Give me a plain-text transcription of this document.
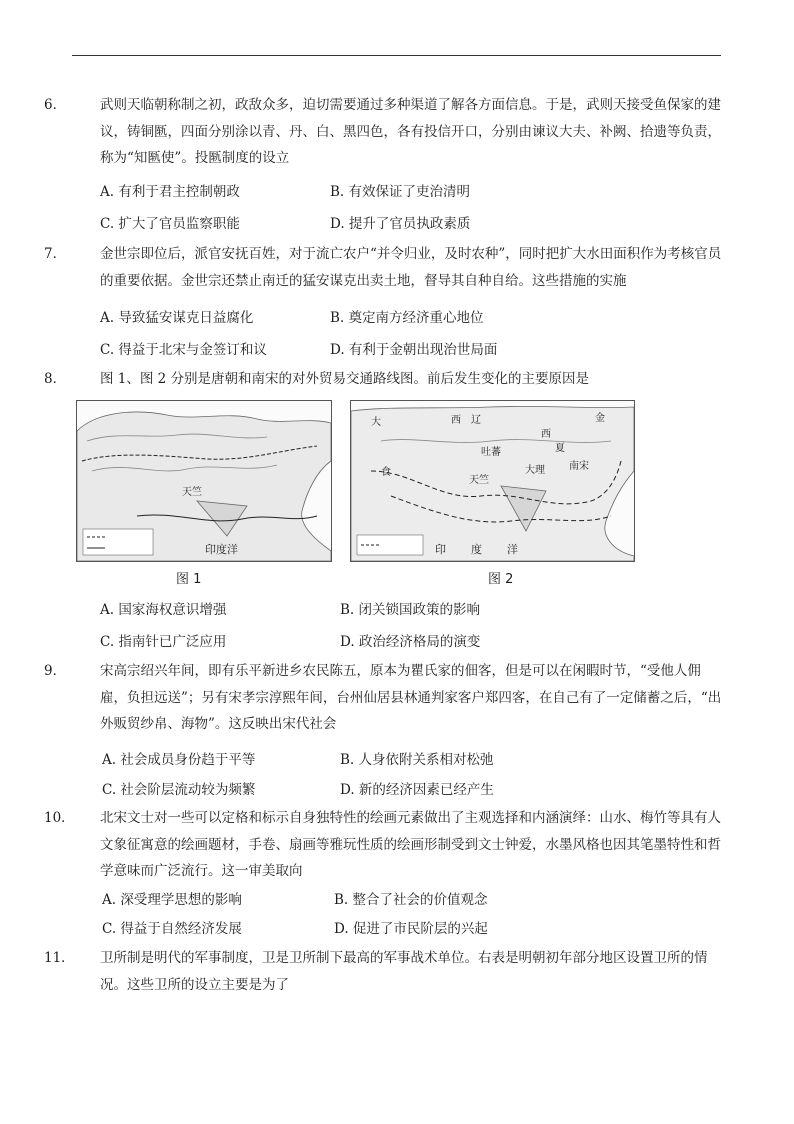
6．	武则天临朝称制之初，政敌众多，迫切需要通过多种渠道了解各方面信息。于是，武则天接受鱼保家的建议，铸铜匦，四面分别涂以青、丹、白、黑四色，各有投信开口，分别由谏议大夫、补阙、拾遗等负责，称为“知匦使”。投匦制度的设立
A. 有利于君主控制朝政	B. 有效保证了吏治清明
C. 扩大了官员监察职能	D. 提升了官员执政素质
7．	金世宗即位后，派官安抚百姓，对于流亡农户“并令归业，及时农种”，同时把扩大水田面积作为考核官员的重要依据。金世宗还禁止南迁的猛安谋克出卖土地，督导其自种自给。这些措施的实施
A. 导致猛安谋克日益腐化	B. 奠定南方经济重心地位
C. 得益于北宋与金签订和议	D. 有利于金朝出现治世局面
8．	图 1、图 2 分别是唐朝和南宋的对外贸易交通路线图。前后发生变化的主要原因是
天竺
印度洋
图 1
大
食
西 辽
西
夏
金
吐蕃
天竺
大理 南宋
印 度 洋
图 2
A. 国家海权意识增强	B. 闭关锁国政策的影响
C. 指南针已广泛应用	D. 政治经济格局的演变
9．	宋高宗绍兴年间，即有乐平新进乡农民陈五，原本为瞿氏家的佃客，但是可以在闲暇时节，“受他人佣雇，负担远送”；另有宋孝宗淳熙年间，台州仙居县林通判家客户郑四客，在自己有了一定储蓄之后，“出外贩贸纱帛、海物”。这反映出宋代社会
A. 社会成员身份趋于平等	B. 人身依附关系相对松弛
C. 社会阶层流动较为频繁	D. 新的经济因素已经产生
10． 北宋文士对一些可以定格和标示自身独特性的绘画元素做出了主观选择和内涵演绎：山水、梅竹等具有人文象征寓意的绘画题材，手卷、扇画等雅玩性质的绘画形制受到文士钟爱，水墨风格也因其笔墨特性和哲学意味而广泛流行。这一审美取向
A. 深受理学思想的影响	B. 整合了社会的价值观念
C. 得益于自然经济发展	D. 促进了市民阶层的兴起
11． 卫所制是明代的军事制度，卫是卫所制下最高的军事战术单位。右表是明朝初年部分地区设置卫所的情况。这些卫所的设立主要是为了
